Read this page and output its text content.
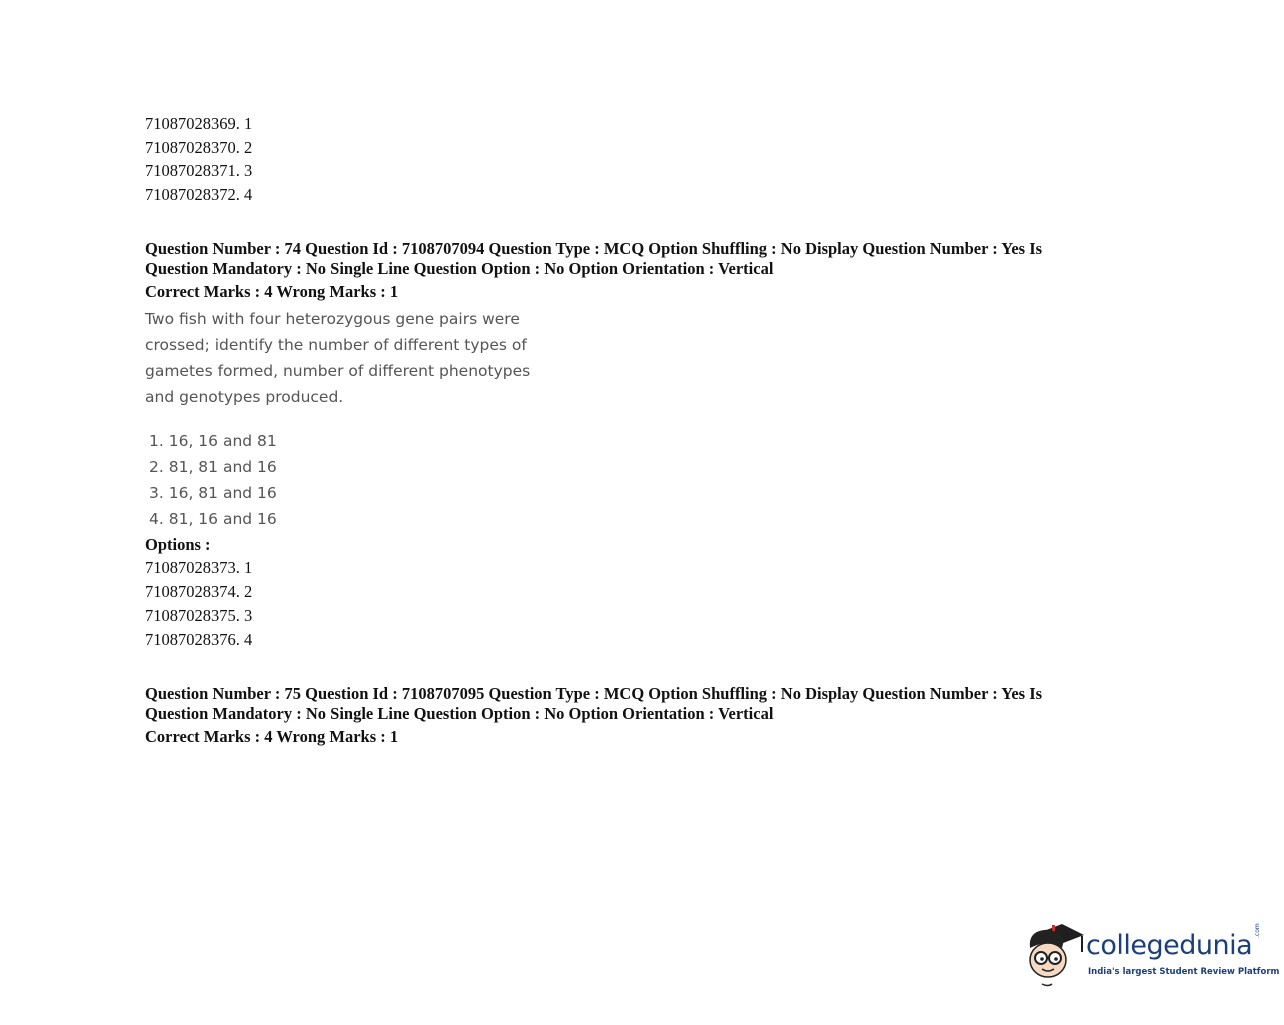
71087028369. 1
71087028370. 2
71087028371. 3
71087028372. 4
Question Number : 74 Question Id : 7108707094 Question Type : MCQ Option Shuffling : No Display Question Number : Yes Is
Question Mandatory : No Single Line Question Option : No Option Orientation : Vertical
Correct Marks : 4 Wrong Marks : 1
Two fish with four heterozygous gene pairs were
crossed; identify the number of different types of
gametes formed, number of different phenotypes
and genotypes produced.
1. 16, 16 and 81
2. 81, 81 and 16
3. 16, 81 and 16
4. 81, 16 and 16
Options :
71087028373. 1
71087028374. 2
71087028375. 3
71087028376. 4
Question Number : 75 Question Id : 7108707095 Question Type : MCQ Option Shuffling : No Display Question Number : Yes Is
Question Mandatory : No Single Line Question Option : No Option Orientation : Vertical
Correct Marks : 4 Wrong Marks : 1
collegedunia .com
India's largest Student Review Platform
